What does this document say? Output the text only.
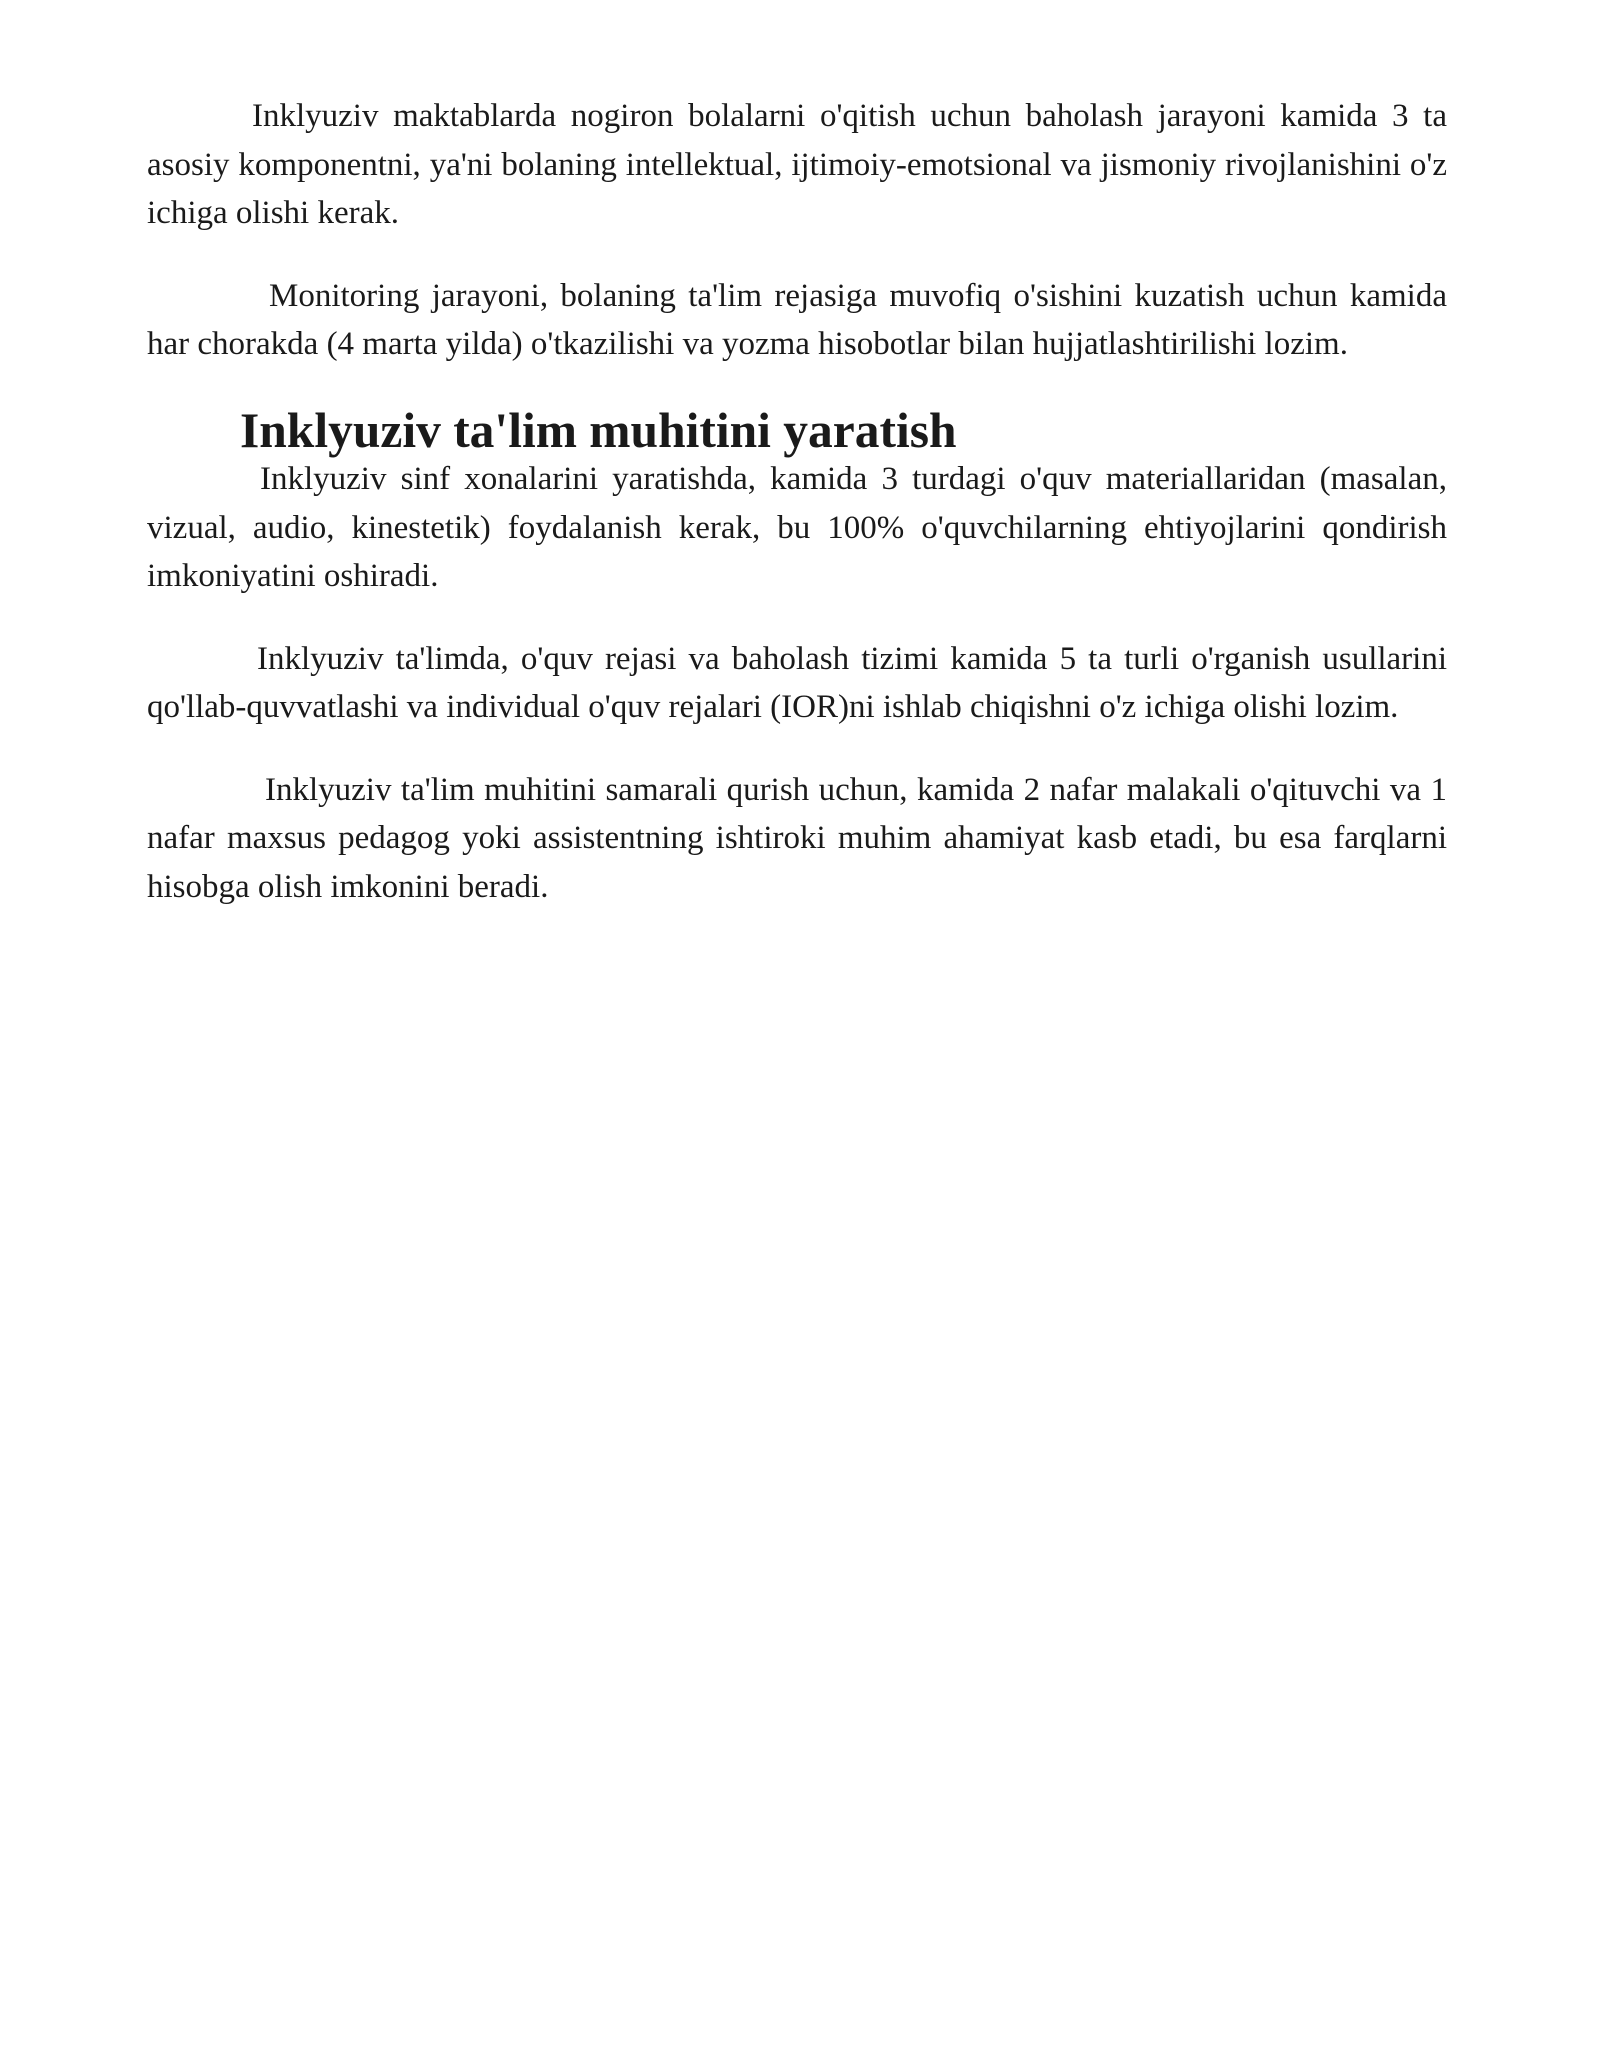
Inklyuziv maktablarda nogiron bolalarni o'qitish uchun baholash jarayoni kamida 3 ta asosiy komponentni, ya'ni bolaning intellektual, ijtimoiy-emotsional va jismoniy rivojlanishini o'z ichiga olishi kerak.

Monitoring jarayoni, bolaning ta'lim rejasiga muvofiq o'sishini kuzatish uchun kamida har chorakda (4 marta yilda) o'tkazilishi va yozma hisobotlar bilan hujjatlashtirilishi lozim.

Inklyuziv ta'lim muhitini yaratish

Inklyuziv sinf xonalarini yaratishda, kamida 3 turdagi o'quv materiallaridan (masalan, vizual, audio, kinestetik) foydalanish kerak, bu 100% o'quvchilarning ehtiyojlarini qondirish imkoniyatini oshiradi.

Inklyuziv ta'limda, o'quv rejasi va baholash tizimi kamida 5 ta turli o'rganish usullarini qo'llab-quvvatlashi va individual o'quv rejalari (IOR)ni ishlab chiqishni o'z ichiga olishi lozim.

Inklyuziv ta'lim muhitini samarali qurish uchun, kamida 2 nafar malakali o'qituvchi va 1 nafar maxsus pedagog yoki assistentning ishtiroki muhim ahamiyat kasb etadi, bu esa farqlarni hisobga olish imkonini beradi.
